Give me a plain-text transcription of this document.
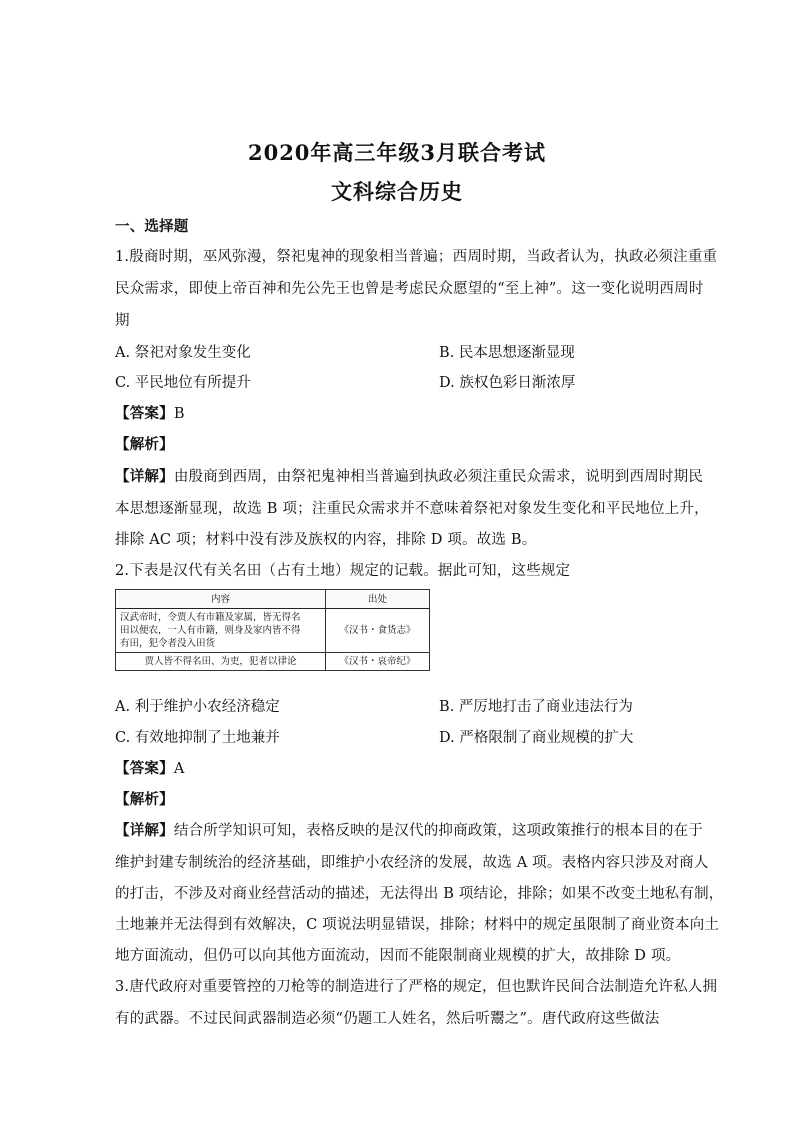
2020年高三年级3月联合考试
文科综合历史
一、选择题
1.殷商时期，巫风弥漫，祭祀鬼神的现象相当普遍；西周时期，当政者认为，执政必须注重重
民众需求，即使上帝百神和先公先王也曾是考虑民众愿望的“至上神”。这一变化说明西周时
期
A. 祭祀对象发生变化	B. 民本思想逐渐显现
C. 平民地位有所提升	D. 族权色彩日渐浓厚
【答案】B
【解析】
【详解】由殷商到西周，由祭祀鬼神相当普遍到执政必须注重民众需求，说明到西周时期民
本思想逐渐显现，故选 B 项；注重民众需求并不意味着祭祀对象发生变化和平民地位上升，
排除 AC 项；材料中没有涉及族权的内容，排除 D 项。故选 B。
2.下表是汉代有关名田（占有土地）规定的记载。据此可知，这些规定
内容	出处

汉武帝时，令贾人有市籍及家属，皆无得名
田以便农，一人有市籍，则身及家内皆不得
有田，犯令者没入田货	《汉书・食货志》

贾人皆不得名田、为吏，犯者以律论	《汉书・哀帝纪》
A. 利于维护小农经济稳定	B. 严厉地打击了商业违法行为
C. 有效地抑制了土地兼并	D. 严格限制了商业规模的扩大
【答案】A
【解析】
【详解】结合所学知识可知，表格反映的是汉代的抑商政策，这项政策推行的根本目的在于
维护封建专制统治的经济基础，即维护小农经济的发展，故选 A 项。表格内容只涉及对商人
的打击，不涉及对商业经营活动的描述，无法得出 B 项结论，排除；如果不改变土地私有制，
土地兼并无法得到有效解决，C 项说法明显错误，排除；材料中的规定虽限制了商业资本向土
地方面流动，但仍可以向其他方面流动，因而不能限制商业规模的扩大，故排除 D 项。
3.唐代政府对重要管控的刀枪等的制造进行了严格的规定，但也默许民间合法制造允许私人拥
有的武器。不过民间武器制造必须“仍题工人姓名，然后听鬻之”。唐代政府这些做法
